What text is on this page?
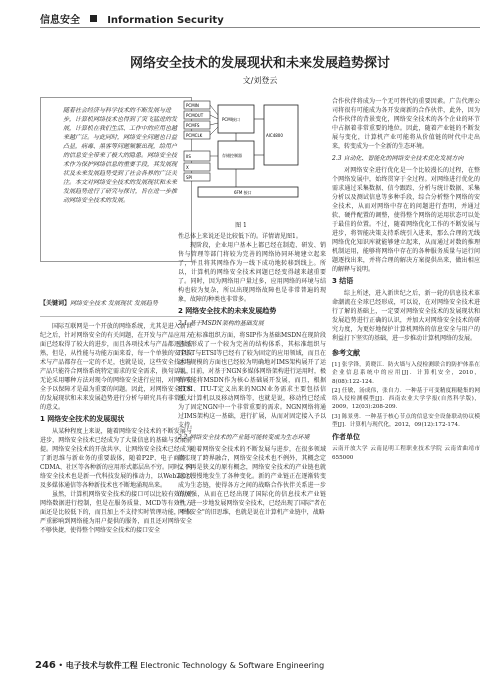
信息安全	Information Security
网络安全技术的发展现状和未来发展趋势探讨
文/刘登云
随着社会经济与科学技术的不断发展与进步，计算机网络技术也得到了突飞猛进的发展，计算机在我们生活、工作中的应用也越来越广泛。与此同时，网络安全问题也日益凸显，病毒、黑客等问题频繁出现，给用户的信息安全带来了极大的隐患。网络安全技术作为保护网络信息的重要手段，其发展现状及未来发展趋势受到了社会各界的广泛关注。本文对网络安全技术的发展现状和未来发展趋势进行了研究与探讨，旨在进一步推动网络安全技术的发展。
【关键词】网络安全技术 发展现状 发展趋势

国际互联网是一个开放的网络系统，尤其是进入新世纪之后，针对网络安全的有关问题，在开发与产品应用方面已经取得了较大的进步，而且各项技术与产品都逐渐成熟，但是，从性能与功能方面来看，每一个单独的安全技术与产品都存在一定的不足，也就是说，这些安全技术与产品只能符合网络系统特定需求的安全需求，换句话说，无论采用哪种方法对现今的网络安全进行应用，对网络安全予以保障才是最为重要的问题。因此，对网络安全技术的发展现状和未来发展趋势进行分析与研究具有非常重大的意义。

1 网络安全技术的发展现状

从某种程度上来说，随着网络安全技术的不断发展与进步，网络安全技术已经成为了大量信息的基础与发展前提。网络安全技术的开放共享，让网络安全技术已经成为了新思维与新业务的重要载体，随着P2P、电子商务、CDMA、社区等各种新的应用形式都层出不穷。同时，网络安全技术也是新一代科技发展的推动力，以Web2.0以及多媒体通信等各种新技术也不断地涌现出来。

虽然，计算机网络安全技术的接口可以比较有效的对网络数据进行控制，但是在服务质量、MCD等有效性方面还是比较低下的，而且加上不支持实时管理功能，不仅严重影响到网络能为用户提供的服务，而且还对网络安全不够快捷，使得整个网络安全技术的接口安全

PCMIN
PCMOUT
PCMFS
PCMCLK
PCMI接口
AIC4800
存储控制器
IIS
X
SPI
6FM 接口
图 1
性总体上来说还是比较低下的。详情请见图1。

现阶段，企业用户基本上都已经在制造、研发、销售与管理等部门将较为完善的网络协同环境建立起来了，并且将其网络作为一线下成功地转移到线上。所以，计算机的网络安全技术问题已经变得越来越重要了。同时，因为网络用户量过多，应用网络的环境与结构也较为复杂，所以出现网络故障也是非常普遍的现象，故障的种类也非常多。

2 网络安全技术的未来发展趋势
2.1 基于MSDN架构的基础发展

在标准组织方面，将SIP作为基础MSDN在现阶段已经形成了一个较为完善的结构体系，其标准组织与ITU-T与ETSI等已经有了较为固定的应用领域，而且在运用规模的方面也已经较为明确地对IMS架构展开了运用。目前，对基于NGN多媒体网络架构进行运用时，极有可能将MSDN作为核心基础展开发展，而且，根据ETSI、ITU-T定义出来的NGN业务需求主要包括信息、计算机以及移动网络等，也就是说，移动性已经成为了固定NGN中一个非常重要的需求。NGN网络将通过IMS架构这一基础，进行扩展，从而对固定接入予以支持。

2.2 网络安全技术的产业链可能转变成为生态环境

随着网络安全技术的不断发展与进步，在很多领域都实现了跨界融合，网络安全技术也不例外，其概念定义不再是狭义的原有概念，网络安全技术的产业链也就随之慢慢地发生了各种变化。新的产业链正在逐渐转变成为生态链，使得各方之间的战略合作伙伴关系进一步的加强，从而在已经出现了国际化的信息技术产业链中，进一步地发展网络安全技术，已经出现了国际"者在网络安全"的旧思维，也就是说在计算机产业链中，战略

合作伙伴将成为一个无可替代的重要因素。广告代理公司将很有可能成为各开发商新的合作伙伴，此外，因为合作伙伴的背景变化，网络安全技术的各个企业的环节中占据着非常重要的地位。因此，随着产业链的不断发展与变化，计算机产业可能将从价值链的时代中走出来，转变成为一个全新的生态环境。
2.3 自动化、智能化的网络安全技术优化发展方向

对网络安全进行优化是一个比较漫长的过程，在整个网络发展中，始终贯穿于全过程。对网络进行优化的需求通过采集数据、信令跟踪、分析与统计数据、采集分析以及测试信息等多种手段，综合分析整个网络的安全技术，从而对网络中存在的问题进行查明，并通过软、硬件配置的调整，使得整个网络的运用状态可以处于最佳的位置。不过，随着网络优化工作的不断发展与进步，将智能决策支持系统引入进来，那么合理的无线网络优化知识库就能够建立起来，从而通过对数的推理机制运用，能够将网络中存在的各种服务质量与运行问题逐找出来，并将合理的解决方案提供出来，做出相应的解释与说明。

3 结语

综上所述，进入新世纪之后，新一轮的信息技术革命潮流在全球已经形成，可以说，在对网络安全技术进行了解的基础上，一定要对网络安全技术的发展现状和发展趋势进行正确的认识，并加大对网络安全技术的研究力度，为更好地保护计算机网络的信息安全与用户的利益打下坚实的基础，进一步推动计算机网络的发展。

参考文献
[1] 张学锋，黄晓江．防火墙与入侵检测联合的防护体系在企业信息系统中的应用[J]．计算机安全，2010，8(08):122-124.
[2] 任敏，汤成伟，张自力．一种基于可变精度粗糙集的网络入侵检测模型[J]．西南农业大学学报(自然科学版)，2009，12(03):208-209.
[3] 陈景勇．一种基于核心节点的信息安全设备联动协议模型[J]．计算机与现代化，2012，09(12):172-174.
作者单位
云南开放大学 云南昆明工程职业技术学院 云南省曲靖市 655000
246 • 电子技术与软件工程 Electronic Technology & Software Engineering
